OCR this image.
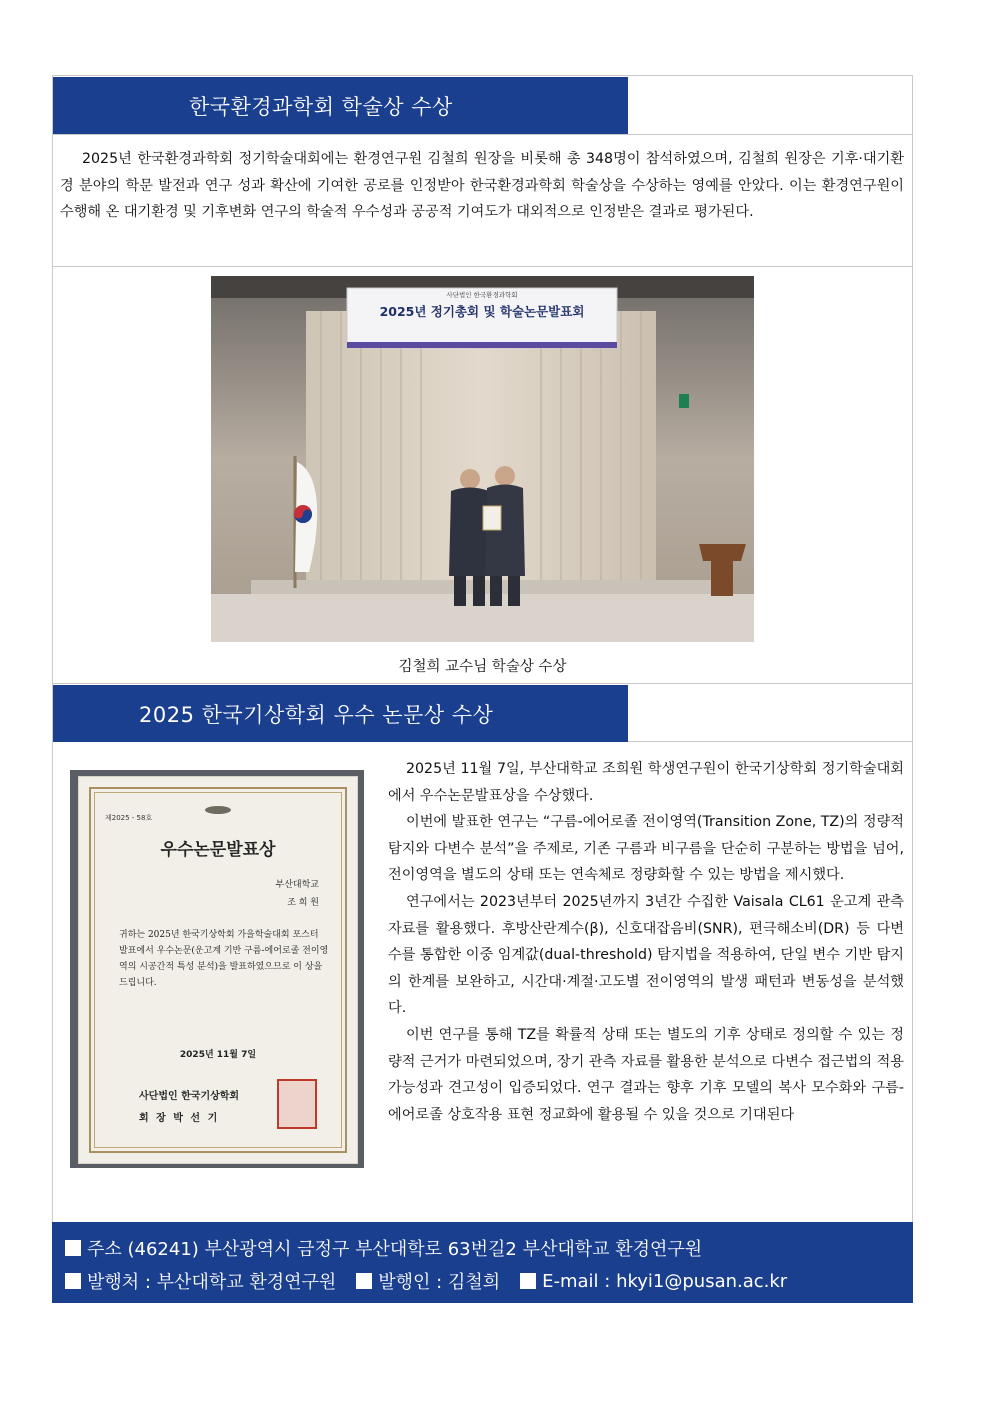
한국환경과학회 학술상 수상

2025년 한국환경과학회 정기학술대회에는 환경연구원 김철희 원장을 비롯해 총 348명이 참석하였으며, 김철희 원장은 기후·대기환경 분야의 학문 발전과 연구 성과 확산에 기여한 공로를 인정받아 한국환경과학회 학술상을 수상하는 영예를 안았다. 이는 환경연구원이 수행해 온 대기환경 및 기후변화 연구의 학술적 우수성과 공공적 기여도가 대외적으로 인정받은 결과로 평가된다.

사단법인 한국환경과학회
2025년 정기총회 및 학술논문발표회
김철희 교수님 학술상 수상
2025 한국기상학회 우수 논문상 수상
제2025 - 58호
우수논문발표상
부산대학교
조 희 원
귀하는 2025년 한국기상학회 가을학술대회 포스터 발표에서 우수논문(운고계 기반 구름-에어로졸 전이영역의 시공간적 특성 분석)을 발표하였으므로 이 상을 드립니다.
2025년 11월 7일
사단법인 한국기상학회
회 장 박 선 기

2025년 11월 7일, 부산대학교 조희원 학생연구원이 한국기상학회 정기학술대회에서 우수논문발표상을 수상했다.

이번에 발표한 연구는 “구름-에어로졸 전이영역(Transition Zone, TZ)의 정량적 탐지와 다변수 분석”을 주제로, 기존 구름과 비구름을 단순히 구분하는 방법을 넘어, 전이영역을 별도의 상태 또는 연속체로 정량화할 수 있는 방법을 제시했다.

연구에서는 2023년부터 2025년까지 3년간 수집한 Vaisala CL61 운고계 관측 자료를 활용했다. 후방산란계수(β), 신호대잡음비(SNR), 편극해소비(DR) 등 다변수를 통합한 이중 임계값(dual-threshold) 탐지법을 적용하여, 단일 변수 기반 탐지의 한계를 보완하고, 시간대·계절·고도별 전이영역의 발생 패턴과 변동성을 분석했다.

이번 연구를 통해 TZ를 확률적 상태 또는 별도의 기후 상태로 정의할 수 있는 정량적 근거가 마련되었으며, 장기 관측 자료를 활용한 분석으로 다변수 접근법의 적용 가능성과 견고성이 입증되었다. 연구 결과는 향후 기후 모델의 복사 모수화와 구름-에어로졸 상호작용 표현 정교화에 활용될 수 있을 것으로 기대된다

주소 (46241) 부산광역시 금정구 부산대학로 63번길2 부산대학교 환경연구원
발행처 : 부산대학교 환경연구원 발행인 : 김철희 E-mail : hkyi1@pusan.ac.kr
